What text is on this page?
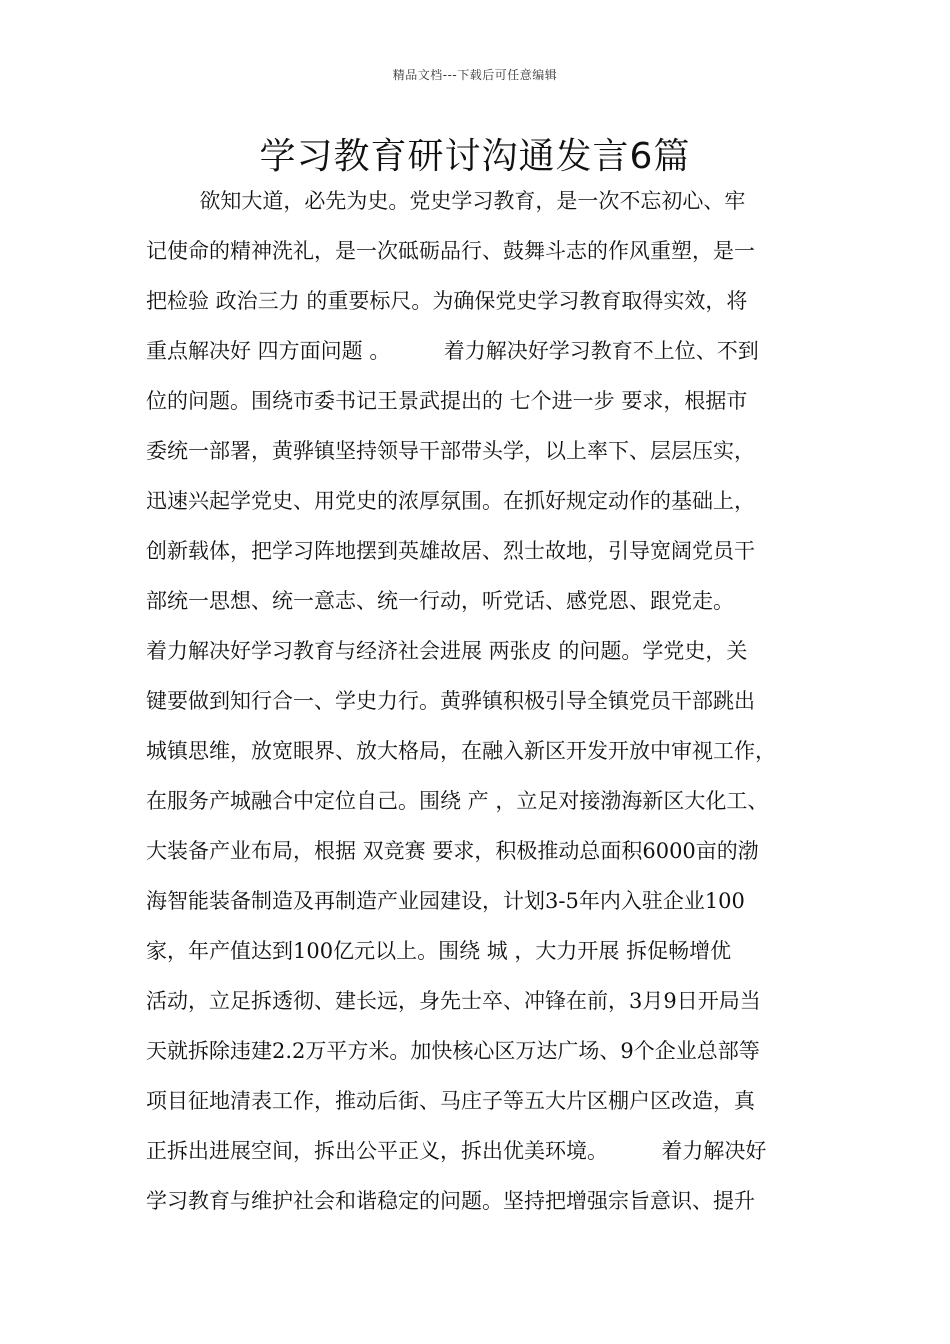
精品文档---下载后可任意编辑
学习教育研讨沟通发言6篇
欲知大道，必先为史。党史学习教育，是一次不忘初心、牢
记使命的精神洗礼，是一次砥砺品行、鼓舞斗志的作风重塑，是一
把检验 政治三力 的重要标尺。为确保党史学习教育取得实效，将
重点解决好 四方面问题 。        着力解决好学习教育不上位、不到
位的问题。围绕市委书记王景武提出的 七个进一步 要求，根据市
委统一部署，黄骅镇坚持领导干部带头学，以上率下、层层压实，
迅速兴起学党史、用党史的浓厚氛围。在抓好规定动作的基础上，
创新载体，把学习阵地摆到英雄故居、烈士故地，引导宽阔党员干
部统一思想、统一意志、统一行动，听党话、感党恩、跟党走。
着力解决好学习教育与经济社会进展 两张皮 的问题。学党史，关
键要做到知行合一、学史力行。黄骅镇积极引导全镇党员干部跳出
城镇思维，放宽眼界、放大格局，在融入新区开发开放中审视工作，
在服务产城融合中定位自己。围绕 产 ，立足对接渤海新区大化工、
大装备产业布局，根据 双竞赛 要求，积极推动总面积6000亩的渤
海智能装备制造及再制造产业园建设，计划3-5年内入驻企业100
家，年产值达到100亿元以上。围绕 城 ，大力开展 拆促畅增优
活动，立足拆透彻、建长远，身先士卒、冲锋在前，3月9日开局当
天就拆除违建2.2万平方米。加快核心区万达广场、9个企业总部等
项目征地清表工作，推动后街、马庄子等五大片区棚户区改造，真
正拆出进展空间，拆出公平正义，拆出优美环境。        着力解决好
学习教育与维护社会和谐稳定的问题。坚持把增强宗旨意识、提升
